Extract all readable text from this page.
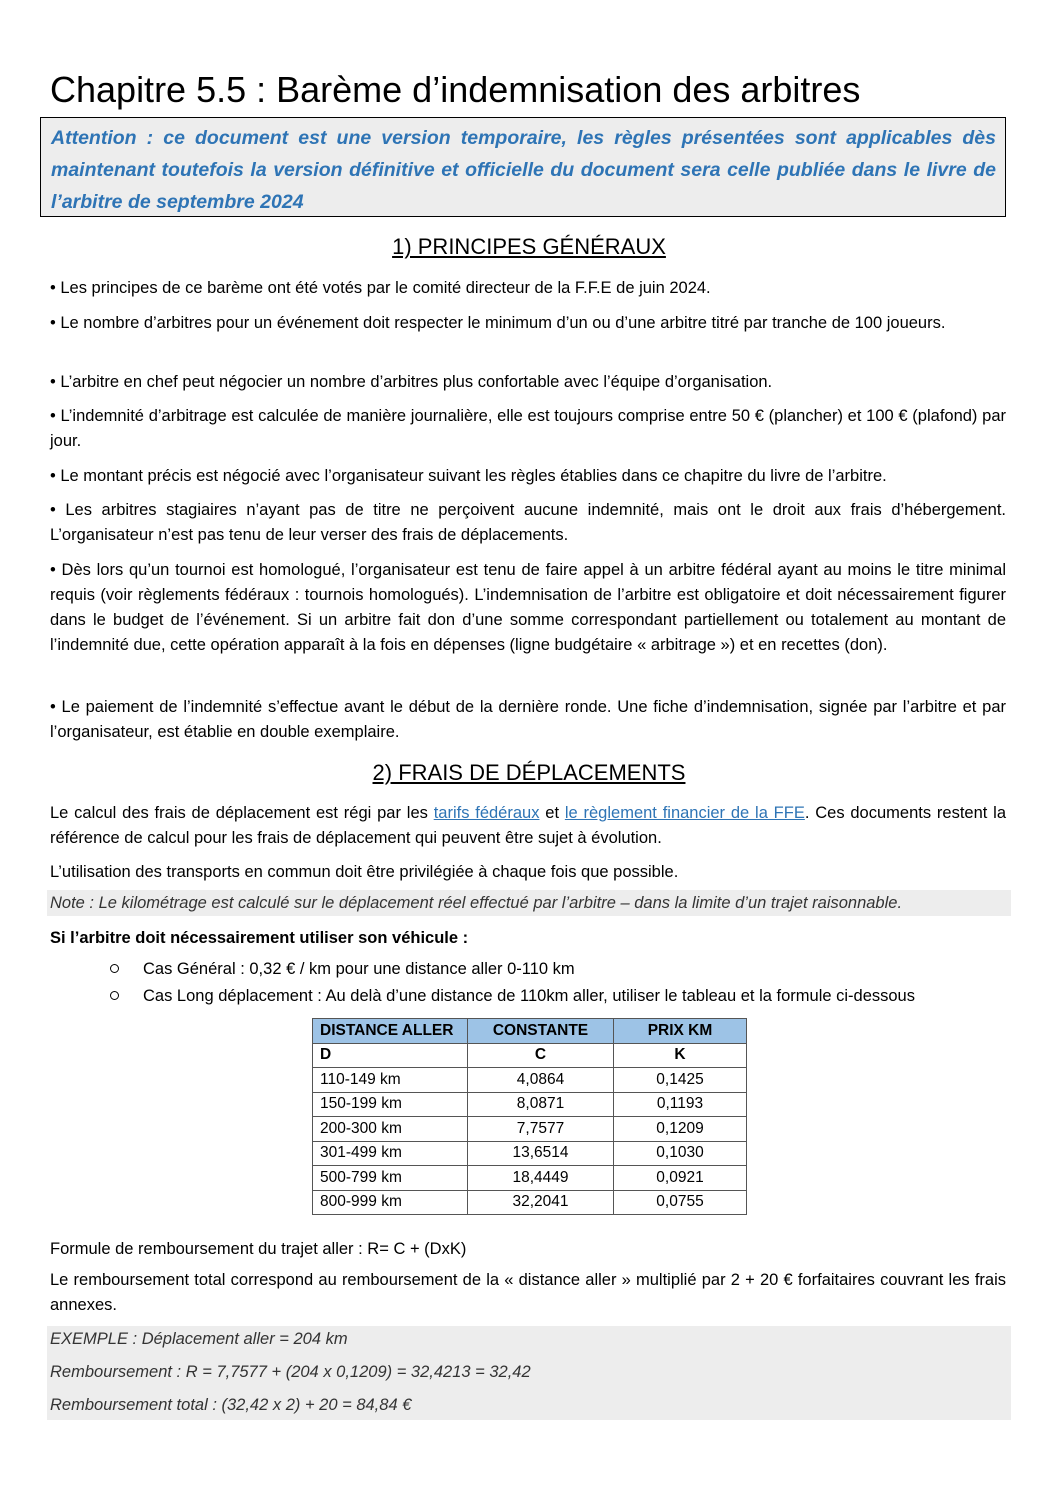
Chapitre 5.5 : Barème d’indemnisation des arbitres
Attention : ce document est une version temporaire, les règles présentées sont applicables dès maintenant toutefois la version définitive et officielle du document sera celle publiée dans le livre de l’arbitre de septembre 2024
1) PRINCIPES GÉNÉRAUX
• Les principes de ce barème ont été votés par le comité directeur de la F.F.E de juin 2024.
• Le nombre d’arbitres pour un événement doit respecter le minimum d’un ou d’une arbitre titré par tranche de 100 joueurs.
• L’arbitre en chef peut négocier un nombre d’arbitres plus confortable avec l’équipe d’organisation.
• L’indemnité d’arbitrage est calculée de manière journalière, elle est toujours comprise entre 50 € (plancher) et 100 € (plafond) par jour.
• Le montant précis est négocié avec l’organisateur suivant les règles établies dans ce chapitre du livre de l’arbitre.
• Les arbitres stagiaires n’ayant pas de titre ne perçoivent aucune indemnité, mais ont le droit aux frais d’hébergement. L’organisateur n’est pas tenu de leur verser des frais de déplacements.
• Dès lors qu’un tournoi est homologué, l’organisateur est tenu de faire appel à un arbitre fédéral ayant au moins le titre minimal requis (voir règlements fédéraux : tournois homologués). L’indemnisation de l’arbitre est obligatoire et doit nécessairement figurer dans le budget de l’événement. Si un arbitre fait don d’une somme correspondant partiellement ou totalement au montant de l’indemnité due, cette opération apparaît à la fois en dépenses (ligne budgétaire « arbitrage ») et en recettes (don).
• Le paiement de l’indemnité s’effectue avant le début de la dernière ronde. Une fiche d’indemnisation, signée par l’arbitre et par l’organisateur, est établie en double exemplaire.
2) FRAIS DE DÉPLACEMENTS
Le calcul des frais de déplacement est régi par les tarifs fédéraux et le règlement financier de la FFE. Ces documents restent la référence de calcul pour les frais de déplacement qui peuvent être sujet à évolution.
L’utilisation des transports en commun doit être privilégiée à chaque fois que possible.
Note : Le kilométrage est calculé sur le déplacement réel effectué par l’arbitre – dans la limite d’un trajet raisonnable.
Si l’arbitre doit nécessairement utiliser son véhicule :
Cas Général : 0,32 € / km pour une distance aller 0-110 km
Cas Long déplacement : Au delà d’une distance de 110km aller, utiliser le tableau et la formule ci-dessous
DISTANCE ALLER	CONSTANTE	PRIX KM
D	C	K
110-149 km	4,0864	0,1425
150-199 km	8,0871	0,1193
200-300 km	7,7577	0,1209
301-499 km	13,6514	0,1030
500-799 km	18,4449	0,0921
800-999 km	32,2041	0,0755
Formule de remboursement du trajet aller : R= C + (DxK)
Le remboursement total correspond au remboursement de la « distance aller » multiplié par 2 + 20 € forfaitaires couvrant les frais annexes.
EXEMPLE : Déplacement aller = 204 km
Remboursement : R = 7,7577 + (204 x 0,1209) = 32,4213 = 32,42
Remboursement total : (32,42 x 2) + 20 = 84,84 €
